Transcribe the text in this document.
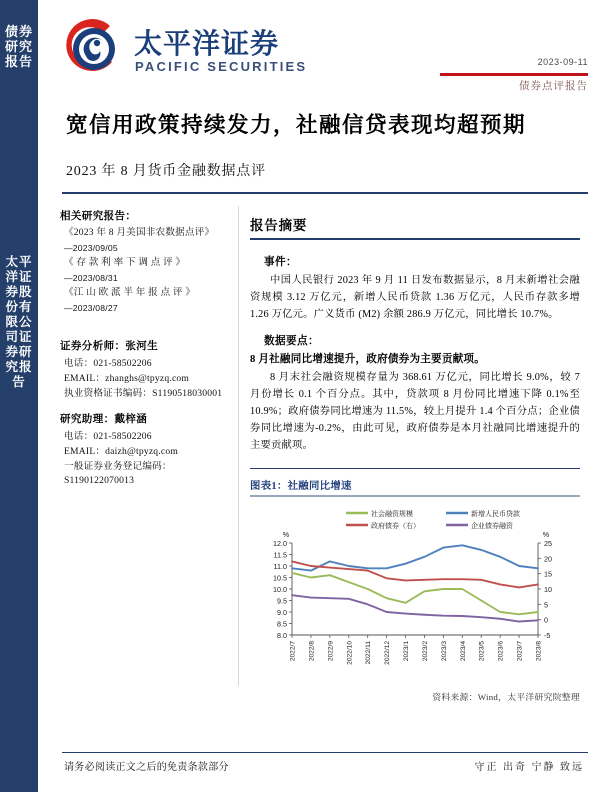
债券研究报告
太平洋证券股份有限公司证券研究报告
太平洋证券
PACIFIC SECURITIES	2023-09-11
债券点评报告
宽信用政策持续发力，社融信贷表现均超预期
2023 年 8 月货币金融数据点评
相关研究报告：
《2023 年 8 月美国非农数据点评》
—2023/09/05
《 存 款 利 率 下 调 点 评 》
—2023/08/31
《江 山 欧 派 半 年 报 点 评 》
—2023/08/27
证券分析师：张河生
电话：021-58502206
EMAIL：zhanghs@tpyzq.com
执业资格证书编码：S1190518030001
研究助理：戴梓涵
电话：021-58502206
EMAIL：daizh@tpyzq.com
一般证券业务登记编码：S1190122070013
报告摘要
事件：
中国人民银行 2023 年 9 月 11 日发布数据显示，8 月末新增社会融资规模 3.12 万亿元，新增人民币贷款 1.36 万亿元，人民币存款多增 1.26 万亿元。广义货币 (M2) 余额 286.9 万亿元，同比增长 10.7%。
数据要点：
8 月社融同比增速提升，政府债券为主要贡献项。
8 月末社会融资规模存量为 368.61 万亿元，同比增长 9.0%，较 7 月份增长 0.1 个百分点。其中，贷款项 8 月份同比增速下降 0.1%至 10.9%；政府债券同比增速为 11.5%，较上月提升 1.4 个百分点；企业债券同比增速为-0.2%，由此可见，政府债券是本月社融同比增速提升的主要贡献项。
图表1：社融同比增速
8.0
8.5
9.0
9.5
10.0
10.5
11.0
11.5
12.0
-5
0
5
10
15
20
25
%	%
2022/7 2022/8 2022/9 2022/10 2022/11 2022/12 2023/1 2023/2 2023/3 2023/4 2023/5 2023/6 2023/7 2023/8
社会融资规模	新增人民币贷款
政府债券（右）	企业债券融资
资料来源：Wind，太平洋研究院整理
请务必阅读正文之后的免责条款部分	守正 出奇 宁静 致远
